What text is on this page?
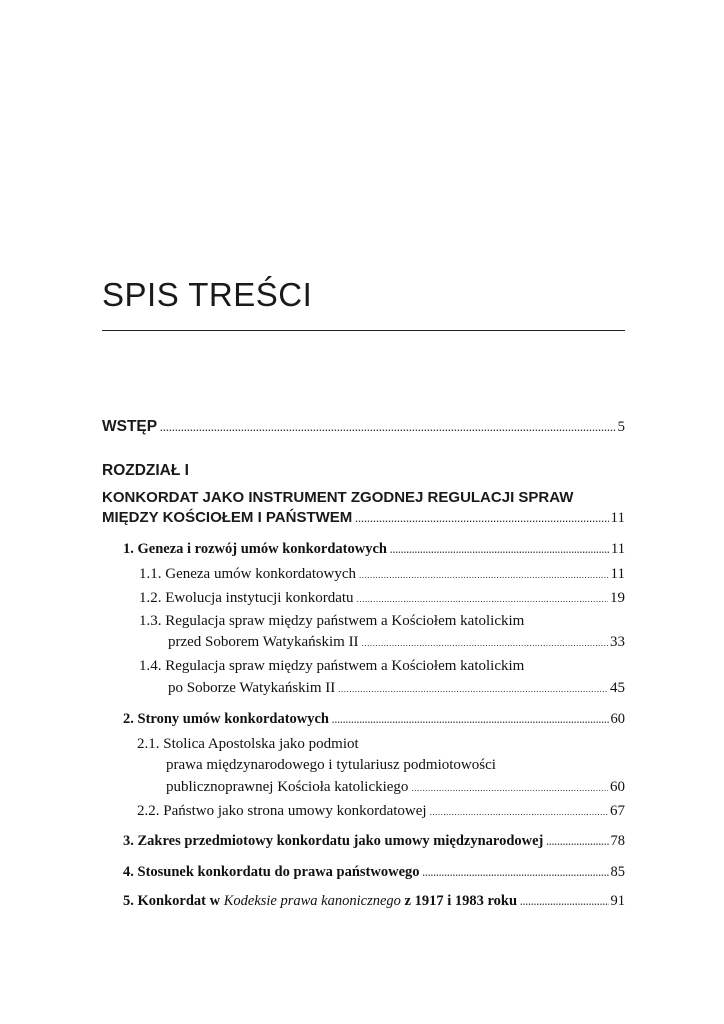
SPIS TREŚCI
WSTĘP .....	5
ROZDZIAŁ I
KONKORDAT JAKO INSTRUMENT ZGODNEJ REGULACJI SPRAW
MIĘDZY KOŚCIOŁEM I PAŃSTWEM .....	11
1. Geneza i rozwój umów konkordatowych .....	11
1.1. Geneza umów konkordatowych .....	11
1.2. Ewolucja instytucji konkordatu .....	19
1.3. Regulacja spraw między państwem a Kościołem katolickim
przed Soborem Watykańskim II .....	33
1.4. Regulacja spraw między państwem a Kościołem katolickim
po Soborze Watykańskim II .....	45
2. Strony umów konkordatowych .....	60
2.1. Stolica Apostolska jako podmiot
prawa międzynarodowego i tytulariusz podmiotowości
publicznoprawnej Kościoła katolickiego .....	60
2.2. Państwo jako strona umowy konkordatowej .....	67
3. Zakres przedmiotowy konkordatu jako umowy międzynarodowej .....	78
4. Stosunek konkordatu do prawa państwowego .....	85
5. Konkordat w Kodeksie prawa kanonicznego z 1917 i 1983 roku .....	91
